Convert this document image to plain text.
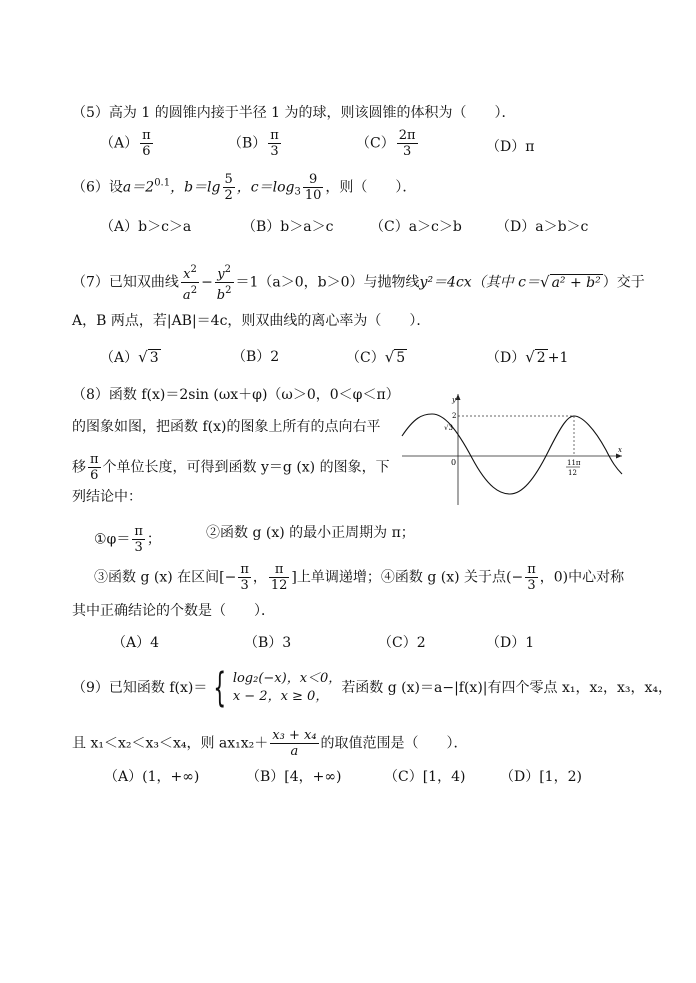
（5）高为 1 的圆锥内接于半径 1 为的球，则该圆锥的体积为（　　）．
$(A) \frac{\pi}{6}$	$(B) \frac{\pi}{3}$	$(C) \frac{2\pi}{3}$	（D）π
（6）设$a=2^{0.1}$，$b=\lg \frac{5}{2}$ ，$c=\log_3 \frac{9}{10}$ ，则（　　）．
（A）b＞c＞a	（B）b＞a＞c	（C）a＞c＞b （D）a＞b＞c
（7）已知双曲线 $\frac{x^2}{a^2} - \frac{y^2}{b^2} =1(a>0$，b＞0）与抛物线y²＝4cx（其中 c＝√ a² + b² ）交于
A，B 两点，若|AB|＝4c，则双曲线的离心率为（　　）．
（A）√ 3	（B）2	（C）√ 5	（D）√ 2 +1
（8）函数 f(x)＝2sin (ωx＋φ)（ω＞0，0＜φ＜π）
的图象如图，把函数 f(x)的图象上所有的点向右平
移 $\frac{\pi}{6}$ 个单位长度，可得到函数 y＝g (x) 的图象，下
列结论中：
y
x
2
√3
0	11π
12
①φ＝ $\frac{\pi}{3}$ ；	②函数 g (x) 的最小正周期为 π；
③函数 g (x) 在区间[− $\frac{\pi}{3}$ ， $\frac{\pi}{12}$ ]上单调递增；④函数 g (x) 关于点(− $\frac{\pi}{3}$ ，0)中心对称
其中正确结论的个数是（　　）．
（A）4	（B）3	（C）2	（D）1
（9）已知函数 f(x)＝ { log₂(−x)，x＜0，
x − 2，x ≥ 0，
若函数 g (x)＝a−|f(x)|有四个零点 x₁，x₂，x₃，x₄，
且 x₁＜x₂＜x₃＜x₄，则 $ax_1x_2+ \frac{\text{x₃ + x₄}}{a}$ 的取值范围是（　　）．
（A）(1，+∞)	（B）[4，+∞)	（C）[1，4) （D）[1，2)
